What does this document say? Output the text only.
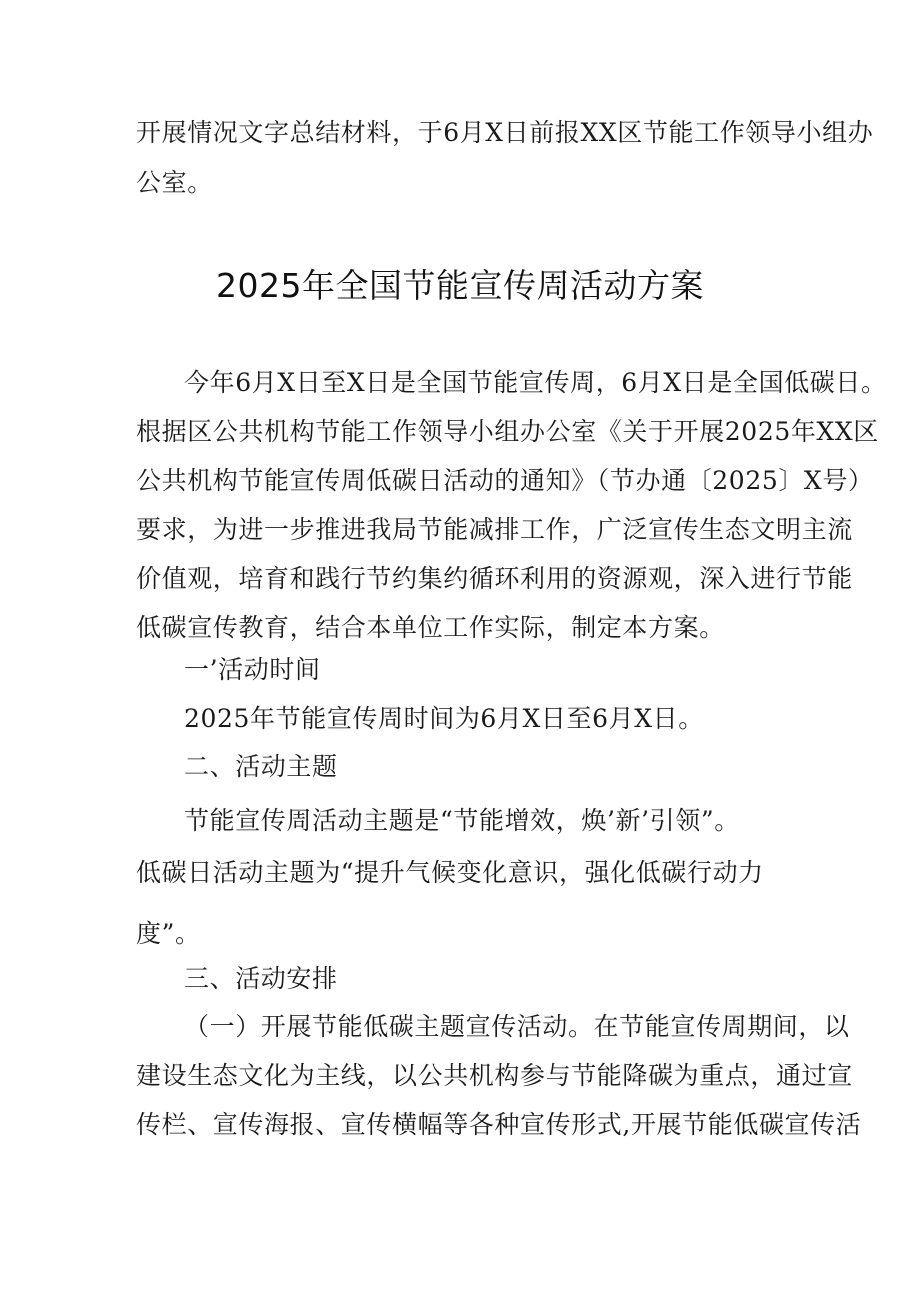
开展情况文字总结材料，于6月X日前报XX区节能工作领导小组办
公室。
2025年全国节能宣传周活动方案
今年6月X日至X日是全国节能宣传周，6月X日是全国低碳日。
根据区公共机构节能工作领导小组办公室《关于开展2025年XX区
公共机构节能宣传周低碳日活动的通知》（节办通〔2025〕X号）
要求，为进一步推进我局节能减排工作，广泛宣传生态文明主流
价值观，培育和践行节约集约循环利用的资源观，深入进行节能
低碳宣传教育，结合本单位工作实际，制定本方案。
一’活动时间
2025年节能宣传周时间为6月X日至6月X日。
二、活动主题
节能宣传周活动主题是“节能增效，焕’新’引领”。
低碳日活动主题为“提升气候变化意识，强化低碳行动力
度”。
三、活动安排
（一）开展节能低碳主题宣传活动。在节能宣传周期间，以
建设生态文化为主线，以公共机构参与节能降碳为重点，通过宣
传栏、宣传海报、宣传横幅等各种宣传形式,开展节能低碳宣传活
